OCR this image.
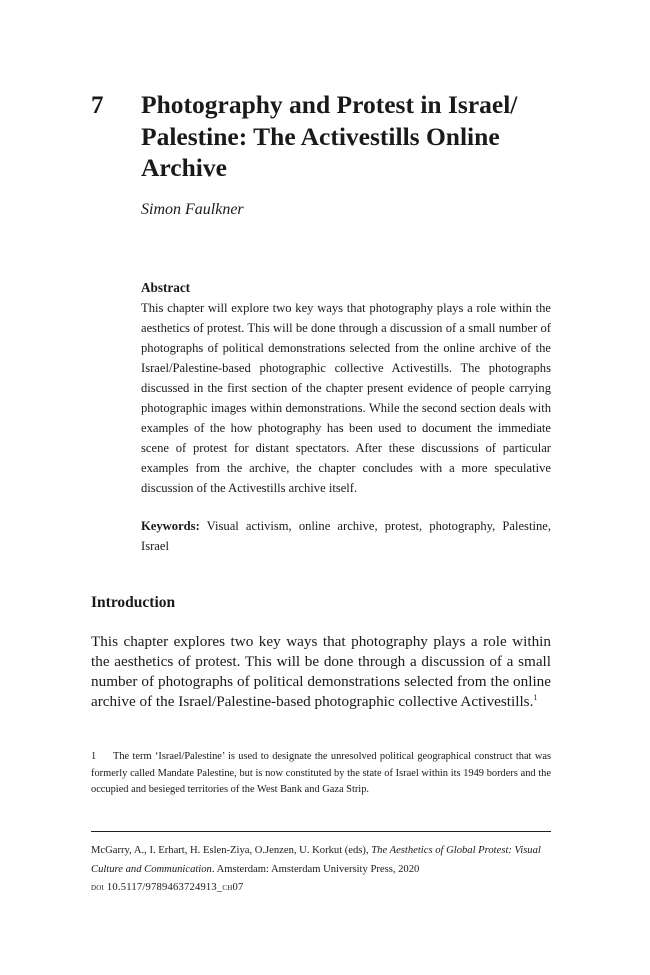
7 Photography and Protest in Israel/ Palestine: The Activestills Online Archive

Simon Faulkner

Abstract

This chapter will explore two key ways that photography plays a role within the aesthetics of protest. This will be done through a discussion of a small number of photographs of political demonstrations selected from the online archive of the Israel/Palestine-based photographic collective Activestills. The photographs discussed in the first section of the chapter present evidence of people carrying photographic images within demonstrations. While the second section deals with examples of the how photography has been used to document the immediate scene of protest for distant spectators. After these discussions of particular examples from the archive, the chapter concludes with a more speculative discussion of the Activestills archive itself.

Keywords: Visual activism, online archive, protest, photography, Palestine, Israel

Introduction

This chapter explores two key ways that photography plays a role within the aesthetics of protest. This will be done through a discussion of a small number of photographs of political demonstrations selected from the online archive of the Israel/Palestine-based photographic collective Activestills.$^1$

1 The term ‘Israel/Palestine’ is used to designate the unresolved political geographical construct that was formerly called Mandate Palestine, but is now constituted by the state of Israel within its 1949 borders and the occupied and besieged territories of the West Bank and Gaza Strip.

McGarry, A., I. Erhart, H. Eslen-Ziya, O.Jenzen, U. Korkut (eds), The Aesthetics of Global Protest: Visual Culture and Communication. Amsterdam: Amsterdam University Press, 2020
doi 10.5117/9789463724913_ch07
